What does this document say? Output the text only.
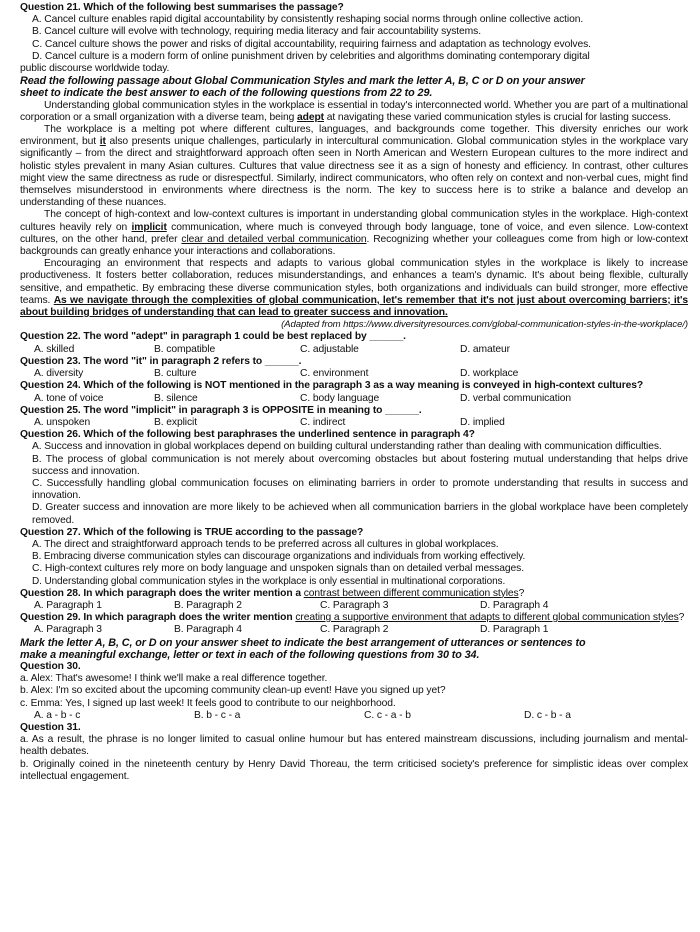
Question 21. Which of the following best summarises the passage?
A. Cancel culture enables rapid digital accountability by consistently reshaping social norms through online collective action.
B. Cancel culture will evolve with technology, requiring media literacy and fair accountability systems.
C. Cancel culture shows the power and risks of digital accountability, requiring fairness and adaptation as technology evolves.
D. Cancel culture is a modern form of online punishment driven by celebrities and algorithms dominating contemporary digital
public discourse worldwide today.
Read the following passage about Global Communication Styles and mark the letter A, B, C or D on your answer
sheet to indicate the best answer to each of the following questions from 22 to 29.

Understanding global communication styles in the workplace is essential in today's interconnected world. Whether you are part of a multinational corporation or a small organization with a diverse team, being adept at navigating these varied communication styles is crucial for lasting success.

The workplace is a melting pot where different cultures, languages, and backgrounds come together. This diversity enriches our work environment, but it also presents unique challenges, particularly in intercultural communication. Global communication styles in the workplace vary significantly – from the direct and straightforward approach often seen in North American and Western European cultures to the more indirect and holistic styles prevalent in many Asian cultures. Cultures that value directness see it as a sign of honesty and efficiency. In contrast, other cultures might view the same directness as rude or disrespectful. Similarly, indirect communicators, who often rely on context and non-verbal cues, might find themselves misunderstood in environments where directness is the norm. The key to success here is to strike a balance and develop an understanding of these nuances.

The concept of high-context and low-context cultures is important in understanding global communication styles in the workplace. High-context cultures heavily rely on implicit communication, where much is conveyed through body language, tone of voice, and even silence. Low-context cultures, on the other hand, prefer clear and detailed verbal communication. Recognizing whether your colleagues come from high or low-context backgrounds can greatly enhance your interactions and collaborations.

Encouraging an environment that respects and adapts to various global communication styles in the workplace is likely to increase productiveness. It fosters better collaboration, reduces misunderstandings, and enhances a team's dynamic. It's about being flexible, culturally sensitive, and empathetic. By embracing these diverse communication styles, both organizations and individuals can build stronger, more effective teams. As we navigate through the complexities of global communication, let's remember that it's not just about overcoming barriers; it's about building bridges of understanding that can lead to greater success and innovation.

(Adapted from https://www.diversityresources.com/global-communication-styles-in-the-workplace/)
Question 22. The word "adept" in paragraph 1 could be best replaced by ______.
A. skilled	B. compatible	C. adjustable	D. amateur
Question 23. The word "it" in paragraph 2 refers to ______.
A. diversity	B. culture	C. environment	D. workplace
Question 24. Which of the following is NOT mentioned in the paragraph 3 as a way meaning is conveyed in high-context cultures?
A. tone of voice	B. silence	C. body language	D. verbal communication
Question 25. The word "implicit" in paragraph 3 is OPPOSITE in meaning to ______.
A. unspoken	B. explicit	C. indirect	D. implied
Question 26. Which of the following best paraphrases the underlined sentence in paragraph 4?
A. Success and innovation in global workplaces depend on building cultural understanding rather than dealing with communication difficulties.
B. The process of global communication is not merely about overcoming obstacles but about fostering mutual understanding that helps drive success and innovation.
C. Successfully handling global communication focuses on eliminating barriers in order to promote understanding that results in success and innovation.
D. Greater success and innovation are more likely to be achieved when all communication barriers in the global workplace have been completely removed.
Question 27. Which of the following is TRUE according to the passage?
A. The direct and straightforward approach tends to be preferred across all cultures in global workplaces.
B. Embracing diverse communication styles can discourage organizations and individuals from working effectively.
C. High-context cultures rely more on body language and unspoken signals than on detailed verbal messages.
D. Understanding global communication styles in the workplace is only essential in multinational corporations.
Question 28. In which paragraph does the writer mention a contrast between different communication styles?
A. Paragraph 1	B. Paragraph 2	C. Paragraph 3	D. Paragraph 4
Question 29. In which paragraph does the writer mention creating a supportive environment that adapts to different global communication styles?
A. Paragraph 3	B. Paragraph 4	C. Paragraph 2	D. Paragraph 1
Mark the letter A, B, C, or D on your answer sheet to indicate the best arrangement of utterances or sentences to
make a meaningful exchange, letter or text in each of the following questions from 30 to 34.
Question 30.
a. Alex: That's awesome! I think we'll make a real difference together.
b. Alex: I'm so excited about the upcoming community clean-up event! Have you signed up yet?
c. Emma: Yes, I signed up last week! It feels good to contribute to our neighborhood.
A. a - b - c	B. b - c - a	C. c - a - b	D. c - b - a
Question 31.
a. As a result, the phrase is no longer limited to casual online humour but has entered mainstream discussions, including journalism and mental-health debates.
b. Originally coined in the nineteenth century by Henry David Thoreau, the term criticised society's preference for simplistic ideas over complex intellectual engagement.
